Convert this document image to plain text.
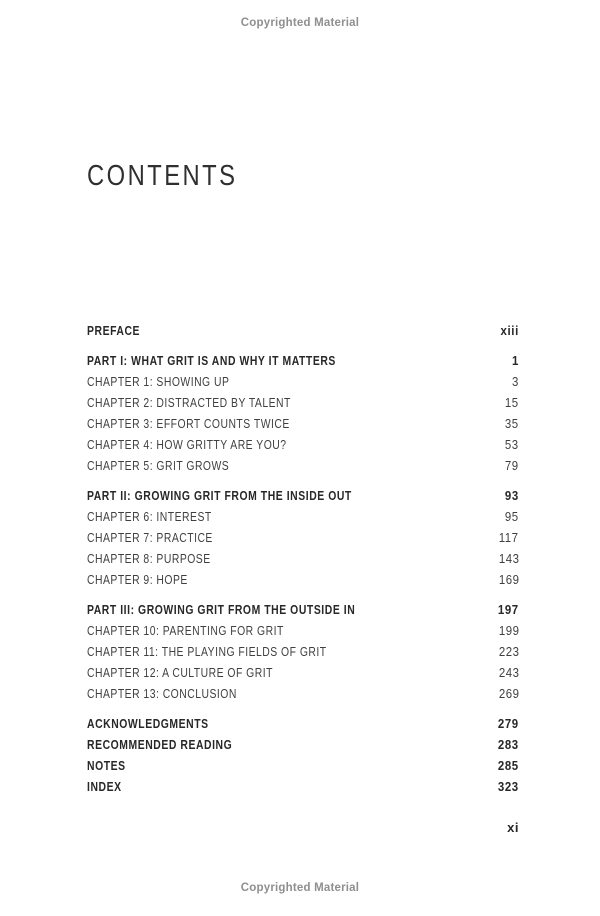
Copyrighted Material
CONTENTS
PREFACE	xiii
PART I: WHAT GRIT IS AND WHY IT MATTERS	1
CHAPTER 1: SHOWING UP	3
CHAPTER 2: DISTRACTED BY TALENT	15
CHAPTER 3: EFFORT COUNTS TWICE	35
CHAPTER 4: HOW GRITTY ARE YOU?	53
CHAPTER 5: GRIT GROWS	79
PART II: GROWING GRIT FROM THE INSIDE OUT	93
CHAPTER 6: INTEREST	95
CHAPTER 7: PRACTICE	117
CHAPTER 8: PURPOSE	143
CHAPTER 9: HOPE	169
PART III: GROWING GRIT FROM THE OUTSIDE IN	197
CHAPTER 10: PARENTING FOR GRIT	199
CHAPTER 11: THE PLAYING FIELDS OF GRIT	223
CHAPTER 12: A CULTURE OF GRIT	243
CHAPTER 13: CONCLUSION	269
ACKNOWLEDGMENTS	279
RECOMMENDED READING	283
NOTES	285
INDEX	323
xi
Copyrighted Material
